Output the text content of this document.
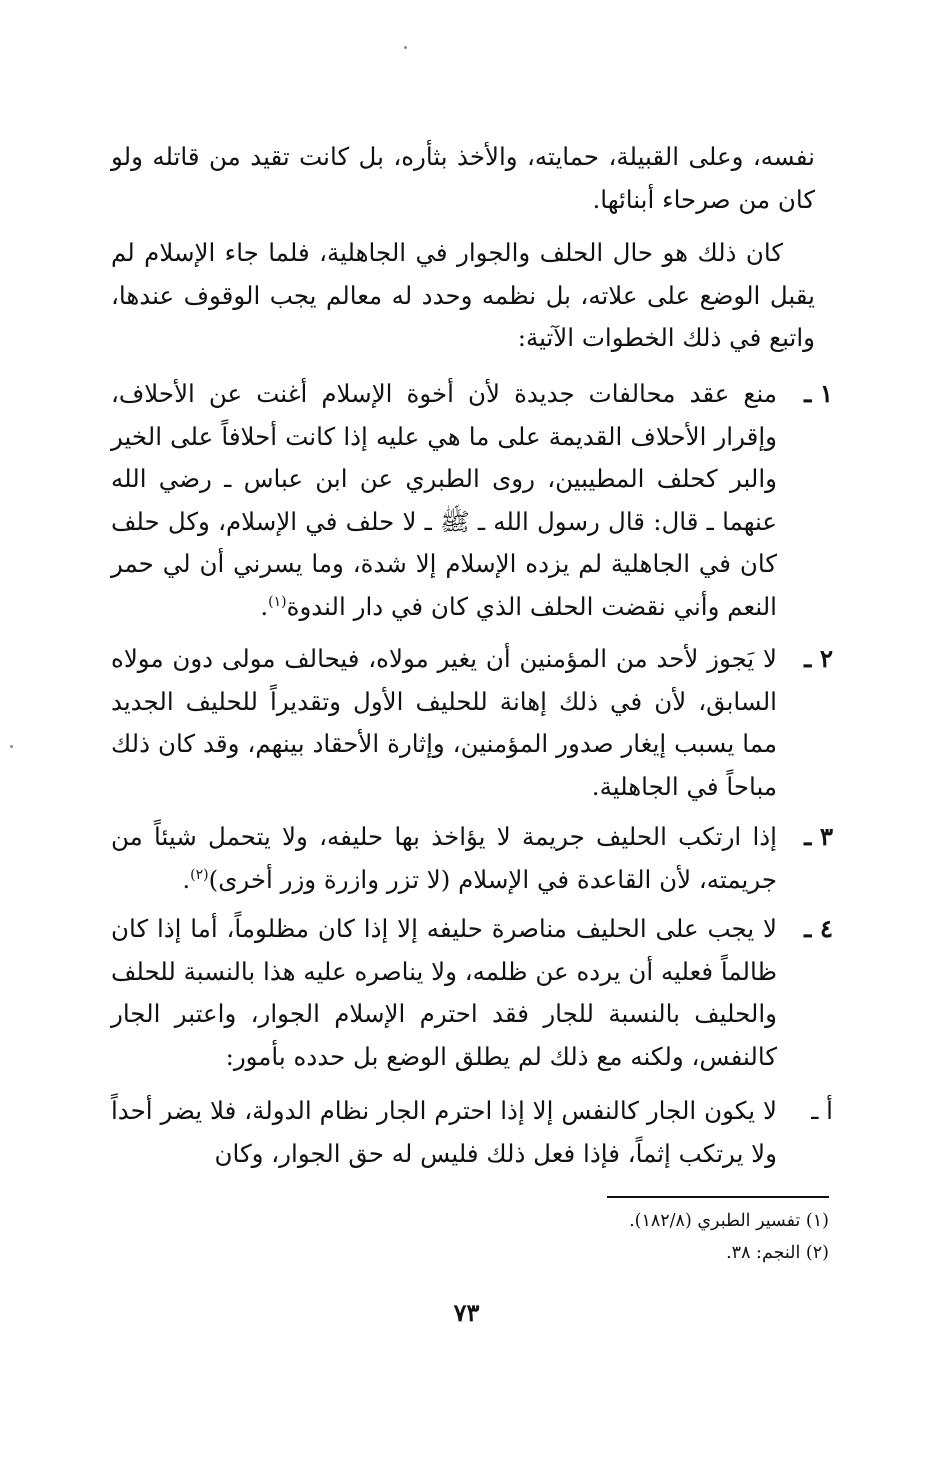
نفسه، وعلى القبيلة، حمايته، والأخذ بثأره، بل كانت تقيد من قاتله ولو كان من صرحاء أبنائها.

كان ذلك هو حال الحلف والجوار في الجاهلية، فلما جاء الإسلام لم يقبل الوضع على علاته، بل نظمه وحدد له معالم يجب الوقوف عندها، واتبع في ذلك الخطوات الآتية:

١ ـ
منع عقد محالفات جديدة لأن أخوة الإسلام أغنت عن الأحلاف، وإقرار الأحلاف القديمة على ما هي عليه إذا كانت أحلافاً على الخير والبر كحلف المطيبين، روى الطبري عن ابن عباس ـ رضي الله عنهما ـ قال: قال رسول الله ـ ﷺ ـ لا حلف في الإسلام، وكل حلف كان في الجاهلية لم يزده الإسلام إلا شدة، وما يسرني أن لي حمر النعم وأني نقضت الحلف الذي كان في دار الندوة$^{(١)}$.
٢ ـ
لا يَجوز لأحد من المؤمنين أن يغير مولاه، فيحالف مولى دون مولاه السابق، لأن في ذلك إهانة للحليف الأول وتقديراً للحليف الجديد مما يسبب إيغار صدور المؤمنين، وإثارة الأحقاد بينهم، وقد كان ذلك مباحاً في الجاهلية.
٣ ـ
إذا ارتكب الحليف جريمة لا يؤاخذ بها حليفه، ولا يتحمل شيئاً من جريمته، لأن القاعدة في الإسلام (لا تزر وازرة وزر أخرى)$^{(٢)}$.
٤ ـ
لا يجب على الحليف مناصرة حليفه إلا إذا كان مظلوماً، أما إذا كان ظالماً فعليه أن يرده عن ظلمه، ولا يناصره عليه هذا بالنسبة للحلف والحليف بالنسبة للجار فقد احترم الإسلام الجوار، واعتبر الجار كالنفس، ولكنه مع ذلك لم يطلق الوضع بل حدده بأمور:
أ ـ
لا يكون الجار كالنفس إلا إذا احترم الجار نظام الدولة، فلا يضر أحداً ولا يرتكب إثماً، فإذا فعل ذلك فليس له حق الجوار، وكان
(١) تفسير الطبري (١٨٢/٨).
(٢) النجم: ٣٨.
٧٣
